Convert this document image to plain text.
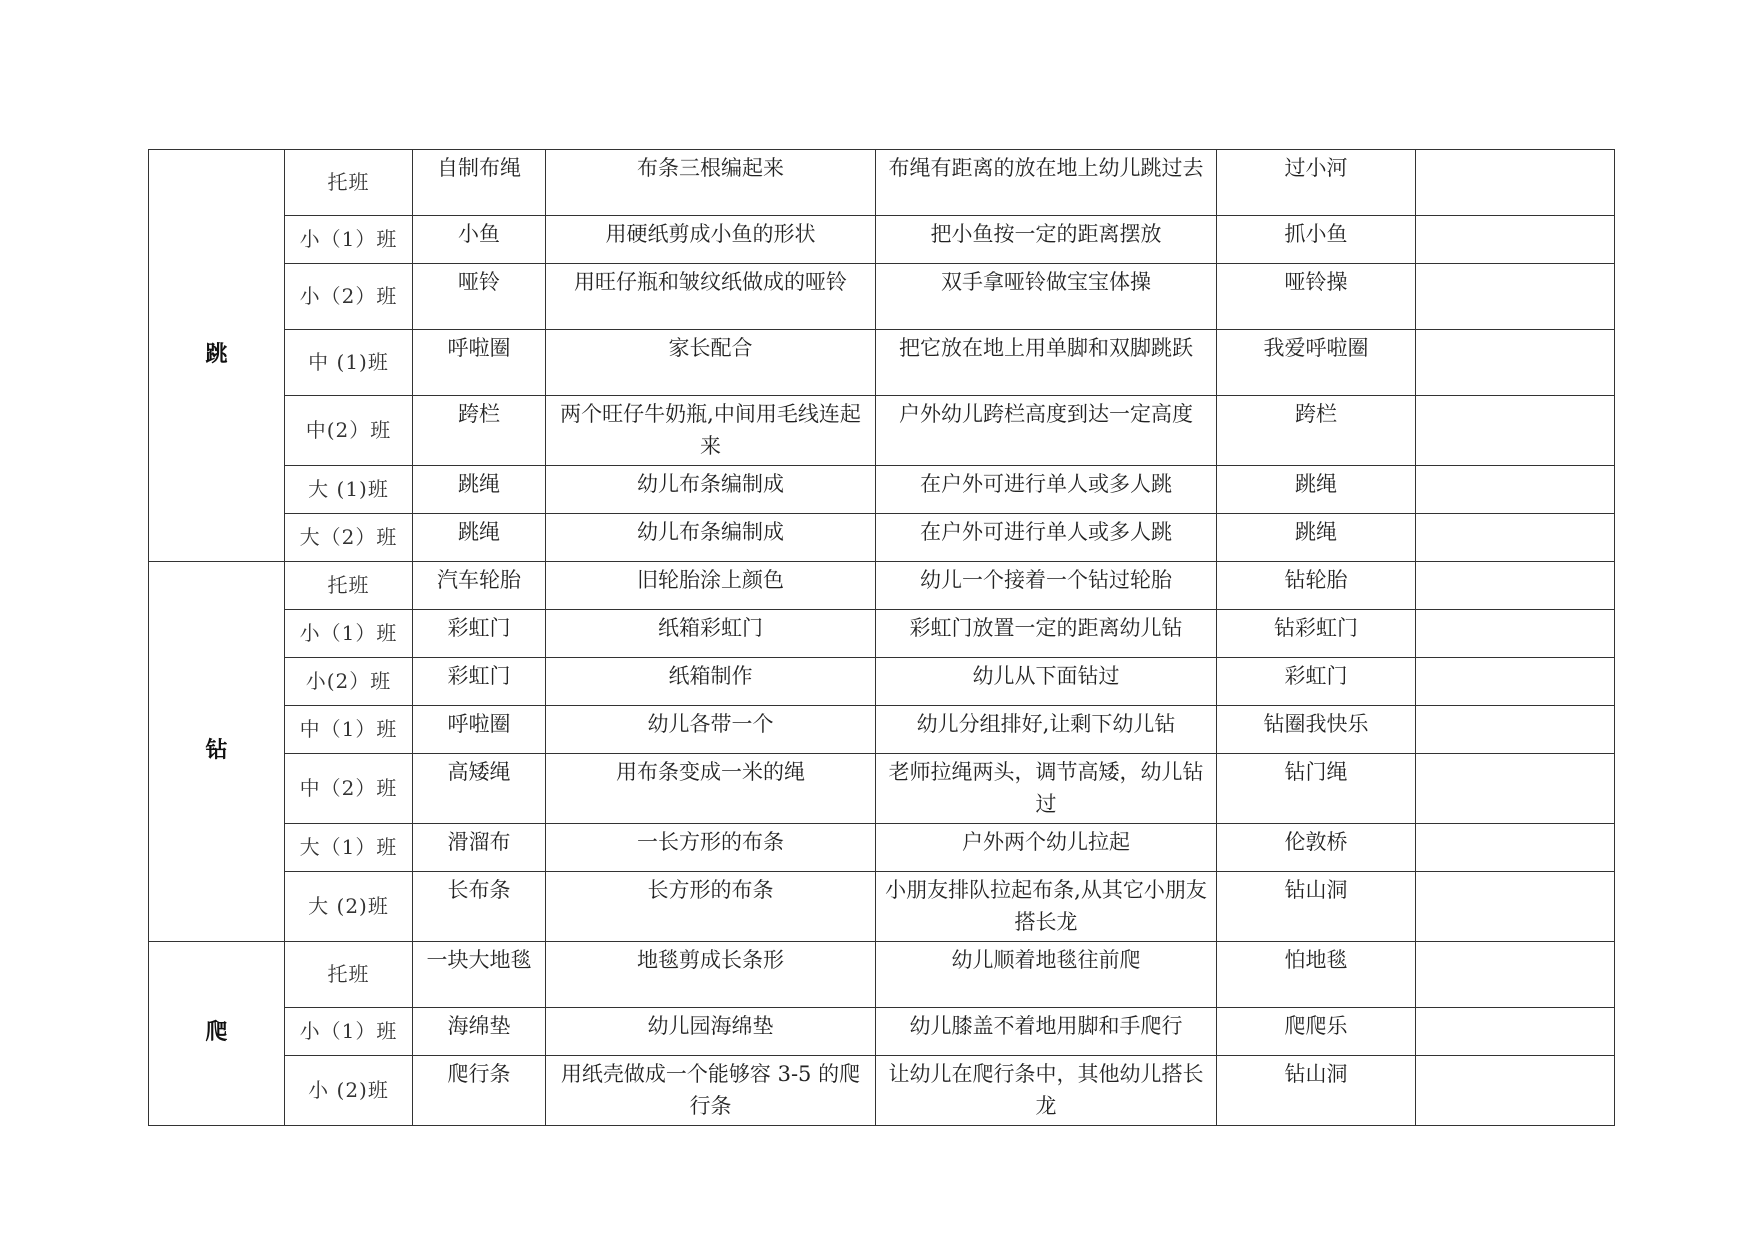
跳	托班	自制布绳	布条三根编起来	布绳有距离的放在地上幼儿跳过去	过小河	
	小（1）班	小鱼	用硬纸剪成小鱼的形状	把小鱼按一定的距离摆放	抓小鱼	
	小（2）班	哑铃	用旺仔瓶和皱纹纸做成的哑铃	双手拿哑铃做宝宝体操	哑铃操	
	中 (1)班	呼啦圈	家长配合	把它放在地上用单脚和双脚跳跃	我爱呼啦圈	
	中(2）班	跨栏	两个旺仔牛奶瓶,中间用毛线连起来	户外幼儿跨栏高度到达一定高度	跨栏	
	大 (1)班	跳绳	幼儿布条编制成	在户外可进行单人或多人跳	跳绳	
	大（2）班	跳绳	幼儿布条编制成	在户外可进行单人或多人跳	跳绳	
钻	托班	汽车轮胎	旧轮胎涂上颜色	幼儿一个接着一个钻过轮胎	钻轮胎	
	小（1）班	彩虹门	纸箱彩虹门	彩虹门放置一定的距离幼儿钻	钻彩虹门	
	小(2）班	彩虹门	纸箱制作	幼儿从下面钻过	彩虹门	
	中（1）班	呼啦圈	幼儿各带一个	幼儿分组排好,让剩下幼儿钻	钻圈我快乐	
	中（2）班	高矮绳	用布条变成一米的绳	老师拉绳两头，调节高矮，幼儿钻过	钻门绳	
	大（1）班	滑溜布	一长方形的布条	户外两个幼儿拉起	伦敦桥	
	大 (2)班	长布条	长方形的布条	小朋友排队拉起布条,从其它小朋友搭长龙	钻山洞	
爬	托班	一块大地毯	地毯剪成长条形	幼儿顺着地毯往前爬	怕地毯	
	小（1）班	海绵垫	幼儿园海绵垫	幼儿膝盖不着地用脚和手爬行	爬爬乐	
	小 (2)班	爬行条	用纸壳做成一个能够容 3-5 的爬行条	让幼儿在爬行条中，其他幼儿搭长龙	钻山洞	
